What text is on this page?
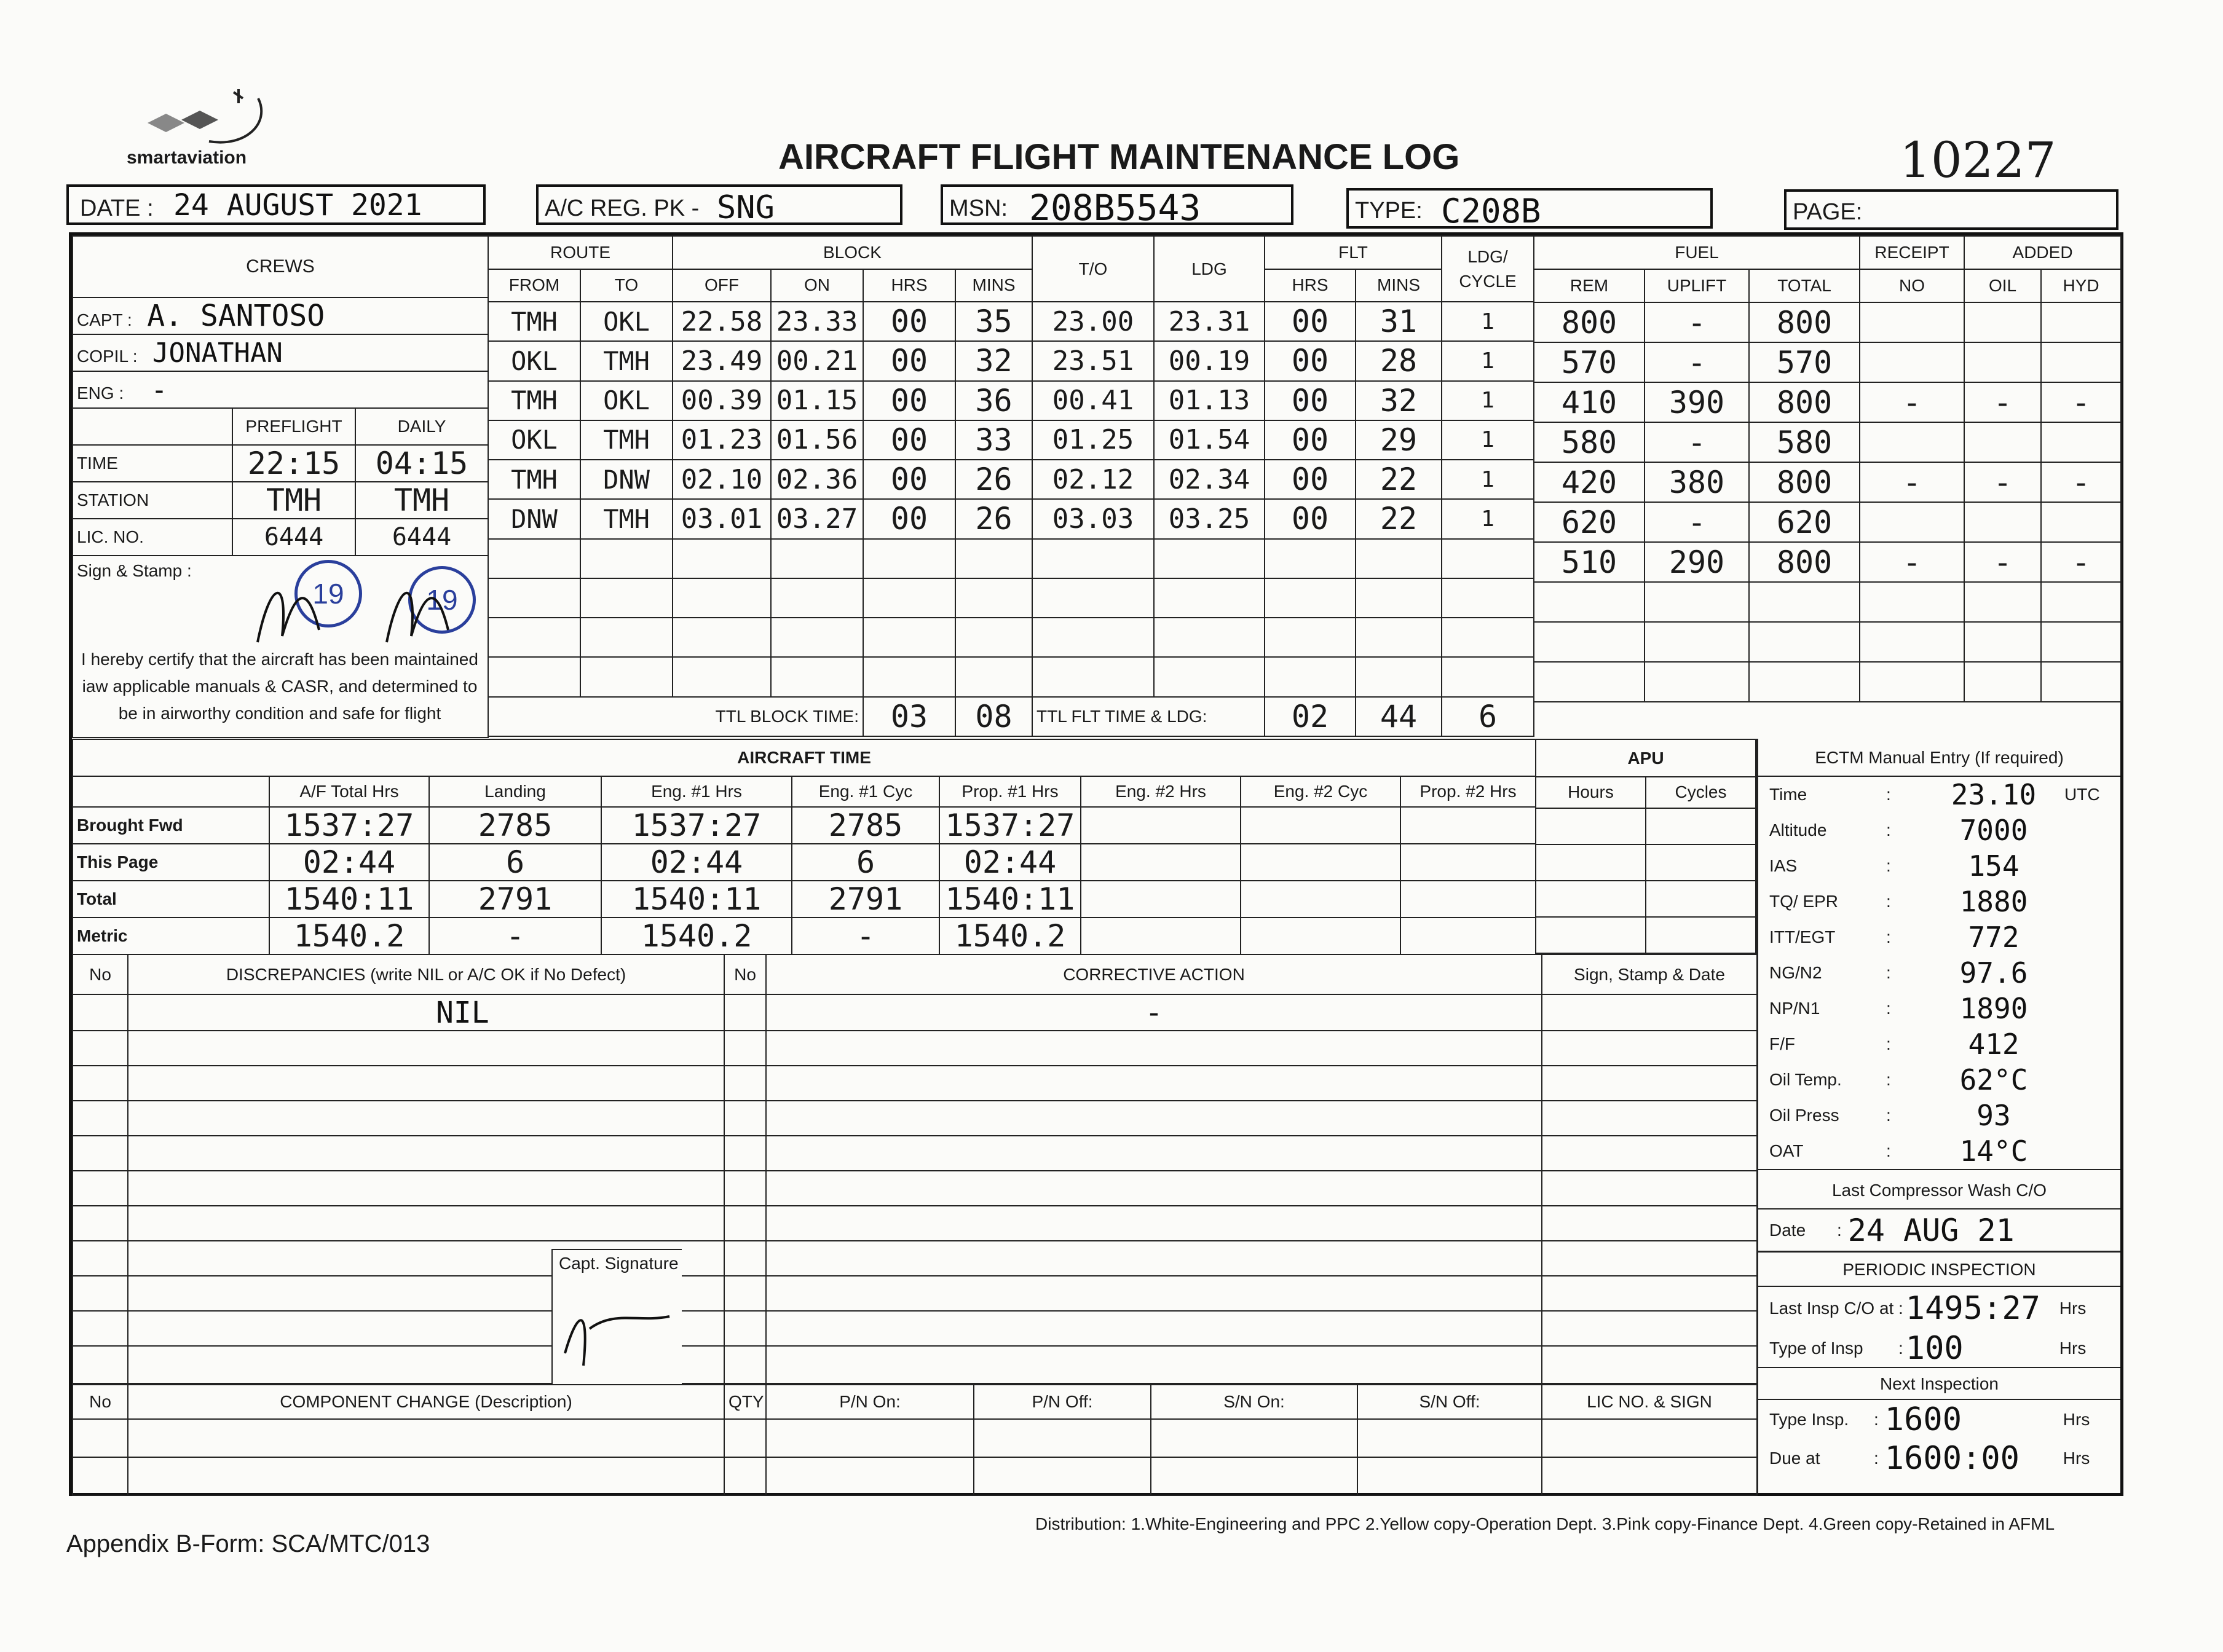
smartaviation	AIRCRAFT FLIGHT MAINTENANCE LOG	10227
DATE : 24 AUGUST 2021	A/C REG. PK - SNG	MSN: 208B5543	TYPE: C208B	PAGE:
CREWS		
CAPT : A. SANTOSO		
COPIL : JONATHAN		
ENG : -		
	PREFLIGHT	DAILY
TIME	22:15	04:15
STATION	TMH	TMH
LIC. NO.	6444	6444

Sign & Stamp :
19 19
I hereby certify that the aircraft has been maintained iaw applicable manuals & CASR, and determined to be in airworthy condition and safe for flight		
ROUTE		BLOCK				T/O	LDG	FLT		LDG/ CYCLE
FROM	TO	OFF	ON	HRS	MINS			HRS	MINS	
TMH	OKL	22.58	23.33	00	35	23.00	23.31	00	31	1
OKL	TMH	23.49	00.21	00	32	23.51	00.19	00	28	1
TMH	OKL	00.39	01.15	00	36	00.41	01.13	00	32	1
OKL	TMH	01.23	01.56	00	33	01.25	01.54	00	29	1
TMH	DNW	02.10	02.36	00	26	02.12	02.34	00	22	1
DNW	TMH	03.01	03.27	00	26	03.03	03.25	00	22	1

TTL BLOCK TIME:				03	08	TTL FLT TIME & LDG:		02	44	6
FUEL			RECEIPT	ADDED	
REM	UPLIFT	TOTAL	NO	OIL	HYD
800	-	800			
570	-	570			
410	390	800	-	-	-
580	-	580			
420	380	800	-	-	-
620	-	620			
510	290	800	-	-	-

AIRCRAFT TIME								
	A/F Total Hrs	Landing	Eng. #1 Hrs	Eng. #1 Cyc	Prop. #1 Hrs	Eng. #2 Hrs	Eng. #2 Cyc	Prop. #2 Hrs
Brought Fwd	1537:27	2785	1537:27	2785	1537:27			
This Page	02:44	6	02:44	6	02:44			
Total	1540:11	2791	1540:11	2791	1540:11			
Metric	1540.2	-	1540.2	-	1540.2			
APU	
Hours	Cycles

ECTM Manual Entry (If required)
Time	:	23.10	UTC
Altitude	:	7000
IAS	:	154
TQ/ EPR	:	1880
ITT/EGT	:	772
NG/N2	:	97.6
NP/N1	:	1890
F/F	:	412
Oil Temp.	:	62°C
Oil Press	:	93
OAT	:	14°C
Last Compressor Wash C/O
Date	: 24 AUG 21
PERIODIC INSPECTION
Last Insp C/O at : 1495:27	Hrs
Type of Insp	: 100	Hrs
Next Inspection
Type Insp.	: 1600	Hrs
Due at	: 1600:00	Hrs
No	DISCREPANCIES (write NIL or A/C OK if No Defect)	No	CORRECTIVE ACTION	Sign, Stamp & Date
	NIL		-	

Capt. Signature
No	COMPONENT CHANGE (Description)	QTY	P/N On:	P/N Off:	S/N On:	S/N Off:	LIC NO. & SIGN

Distribution: 1.White-Engineering and PPC 2.Yellow copy-Operation Dept. 3.Pink copy-Finance Dept. 4.Green copy-Retained in AFML
Appendix B-Form: SCA/MTC/013
